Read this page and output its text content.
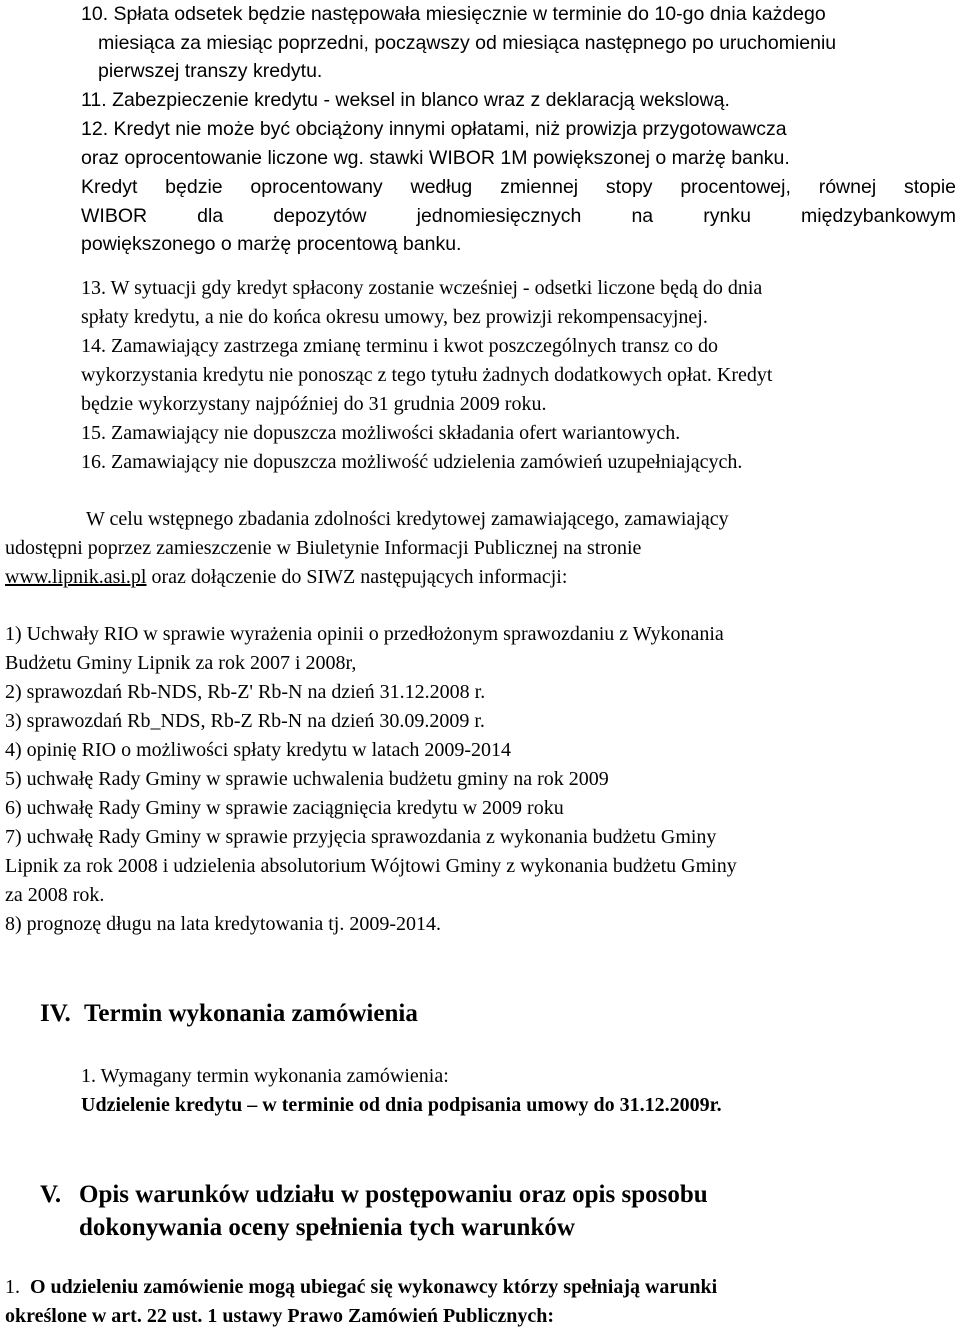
10. Spłata odsetek będzie następowała miesięcznie w terminie do 10-go dnia każdego
miesiąca za miesiąc poprzedni, począwszy od miesiąca następnego po uruchomieniu
pierwszej transzy kredytu.
11. Zabezpieczenie kredytu - weksel in blanco wraz z deklaracją wekslową.
12. Kredyt nie może być obciążony innymi opłatami, niż prowizja przygotowawcza
oraz oprocentowanie liczone wg. stawki WIBOR 1M powiększonej o marżę banku.
Kredyt będzie oprocentowany według zmiennej stopy procentowej, równej stopie
WIBOR dla depozytów jednomiesięcznych na rynku międzybankowym
powiększonego o marżę procentową banku.
13. W sytuacji gdy kredyt spłacony zostanie wcześniej - odsetki liczone będą do dnia
spłaty kredytu, a nie do końca okresu umowy, bez prowizji rekompensacyjnej.
14. Zamawiający zastrzega zmianę terminu i kwot poszczególnych transz co do
wykorzystania kredytu nie ponosząc z tego tytułu żadnych dodatkowych opłat. Kredyt
będzie wykorzystany najpóźniej do 31 grudnia 2009 roku.
15. Zamawiający nie dopuszcza możliwości składania ofert wariantowych.
16. Zamawiający nie dopuszcza możliwość udzielenia zamówień uzupełniających.
W celu wstępnego zbadania zdolności kredytowej zamawiającego, zamawiający
udostępni poprzez zamieszczenie w Biuletynie Informacji Publicznej na stronie
www.lipnik.asi.pl oraz dołączenie do SIWZ następujących informacji:
1) Uchwały RIO w sprawie wyrażenia opinii o przedłożonym sprawozdaniu z Wykonania
Budżetu Gminy Lipnik za rok 2007 i 2008r,
2) sprawozdań Rb-NDS, Rb-Z' Rb-N na dzień 31.12.2008 r.
3) sprawozdań Rb_NDS, Rb-Z Rb-N na dzień 30.09.2009 r.
4) opinię RIO o możliwości spłaty kredytu w latach 2009-2014
5) uchwałę Rady Gminy w sprawie uchwalenia budżetu gminy na rok 2009
6) uchwałę Rady Gminy w sprawie zaciągnięcia kredytu w 2009 roku
7) uchwałę Rady Gminy w sprawie przyjęcia sprawozdania z wykonania budżetu Gminy
Lipnik za rok 2008 i udzielenia absolutorium Wójtowi Gminy z wykonania budżetu Gminy
za 2008 rok.
8) prognozę długu na lata kredytowania tj. 2009-2014.
IV. Termin wykonania zamówienia
1. Wymagany termin wykonania zamówienia:
Udzielenie kredytu – w terminie od dnia podpisania umowy do 31.12.2009r.
V. Opis warunków udziału w postępowaniu oraz opis sposobu
dokonywania oceny spełnienia tych warunków
1. O udzieleniu zamówienie mogą ubiegać się wykonawcy którzy spełniają warunki
określone w art. 22 ust. 1 ustawy Prawo Zamówień Publicznych:
